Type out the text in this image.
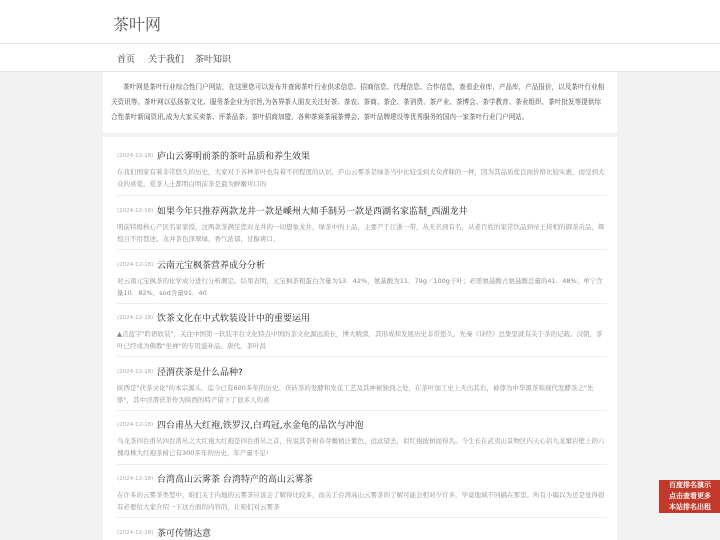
茶叶网
首页 关于我们 茶叶知识

茶叶网是茶叶行业综合性门户网站，在这里您可以发布并查阅茶叶行业供求信息、招商信息、代理信息、合作信息，查看企业库，产品库，产品报价，以及茶叶行业相关资讯等。茶叶网以弘扬茶文化、服务茶企业为宗旨,为各界茶人朋友关注好茶、茶农、茶商、茶企、茶消费、茶产业、茶博会、茶学教育、茶业组织、茶叶批发等提供综合性茶叶新闻资讯,成为大家买卖茶、评茶品茶、茶叶招商加盟、各种茶赛茶展茶博会、茶叶品牌建设等优秀服务的国内一家茶叶行业门户网站。

(2024-12-18) 庐山云雾明前茶的茶叶品质和养生效果
在我们国家有着非常悠久的历史，大家对于各种茶叶也有着不同程度的认识，庐山云雾茶是绿茶当中比较受到大众青睐的一种，因为其品质优良而价格比较实惠，而受到大众的喜爱。爱茶人士都明白明前茶是最为鲜嫩可口的
(2024-12-18) 如果今年只推荐两款龙井一款是嵊州大师手制另一款是西湖名家监制_西湖龙井
明前特级核心产区名家家授。这两款茶满足您对龙井的一切想象龙井，绿茶中的上品，主要产于江浙一带，从无名到有名，从老百姓的家常饮品到帝王将相的御茶贡品，辉煌自不用赘述。龙井茶色泽翠绿，香气浓郁，甘醇爽口，
(2024-12-18) 云南元宝枫茶营养成分分析
对云南元宝枫茶的化学成分进行分析测定。结果表明，元宝枫茶粗蛋白含量为13．42%，氨基酸为11．79g／100g干叶；必需氨基酸占氨基酸总量的41．48%；单宁含量10．82%，sod含量91．40
(2024-12-18) 饮茶文化在中式软装设计中的重要运用
▲点蓝字"聆语软装"，关注中国第一软装平台文化特点中国的茶文化源远流长，博大精深，其形成和发展历史非常悠久。先秦《诗经》总集里就有关于茶的记载。汉朝，茶叶已经成为佛教"坐禅"的专用滋补品。唐代，茶叶昌
(2024-12-18) 泾渭茯茶是什么品种?
陕西是"茯茶文化"的本宗源头，迄今已有600多年的历史。茯砖茶的发酵和发花工艺及其神秘独到之处，在茶叶加工史上无出其右，被尊为中华黑茶和现代发酵茶之"先驱"，其中泾渭茯茶作为陕西的特产留下了很多人的喜
(2024-12-18) 四台甫丛大红袍,铁罗汉,白鸡冠,水金龟的品饮与冲泡
乌龙茶四台甫丛四台甫丛之大红袍大红袍是四台甫丛之首，传说其茶树春芽嫩梢泛紫色，远远望去，似红袍披树而得名。今生长在武夷山景物区内天心岩九龙窠岩壁上的六棵母株大红袍茶树已有300多年的历史，年产量不足!
(2024-12-18) 台湾高山云雾茶 台湾特产的高山云雾茶
在许多的云雾茶类型中，咱们关于内地的云雾茶应该会了解得比较多，而关于台湾高山云雾茶的了解可能会相对少许多，毕竟地域不同搞在那里。所有小编以为还是觉得很有必要给大家介绍一下这方面的内容的，让咱们对云雾茶
(2024-12-18) 茶可传情达意
百度排名演示
点击查看更多
本站排名出租
